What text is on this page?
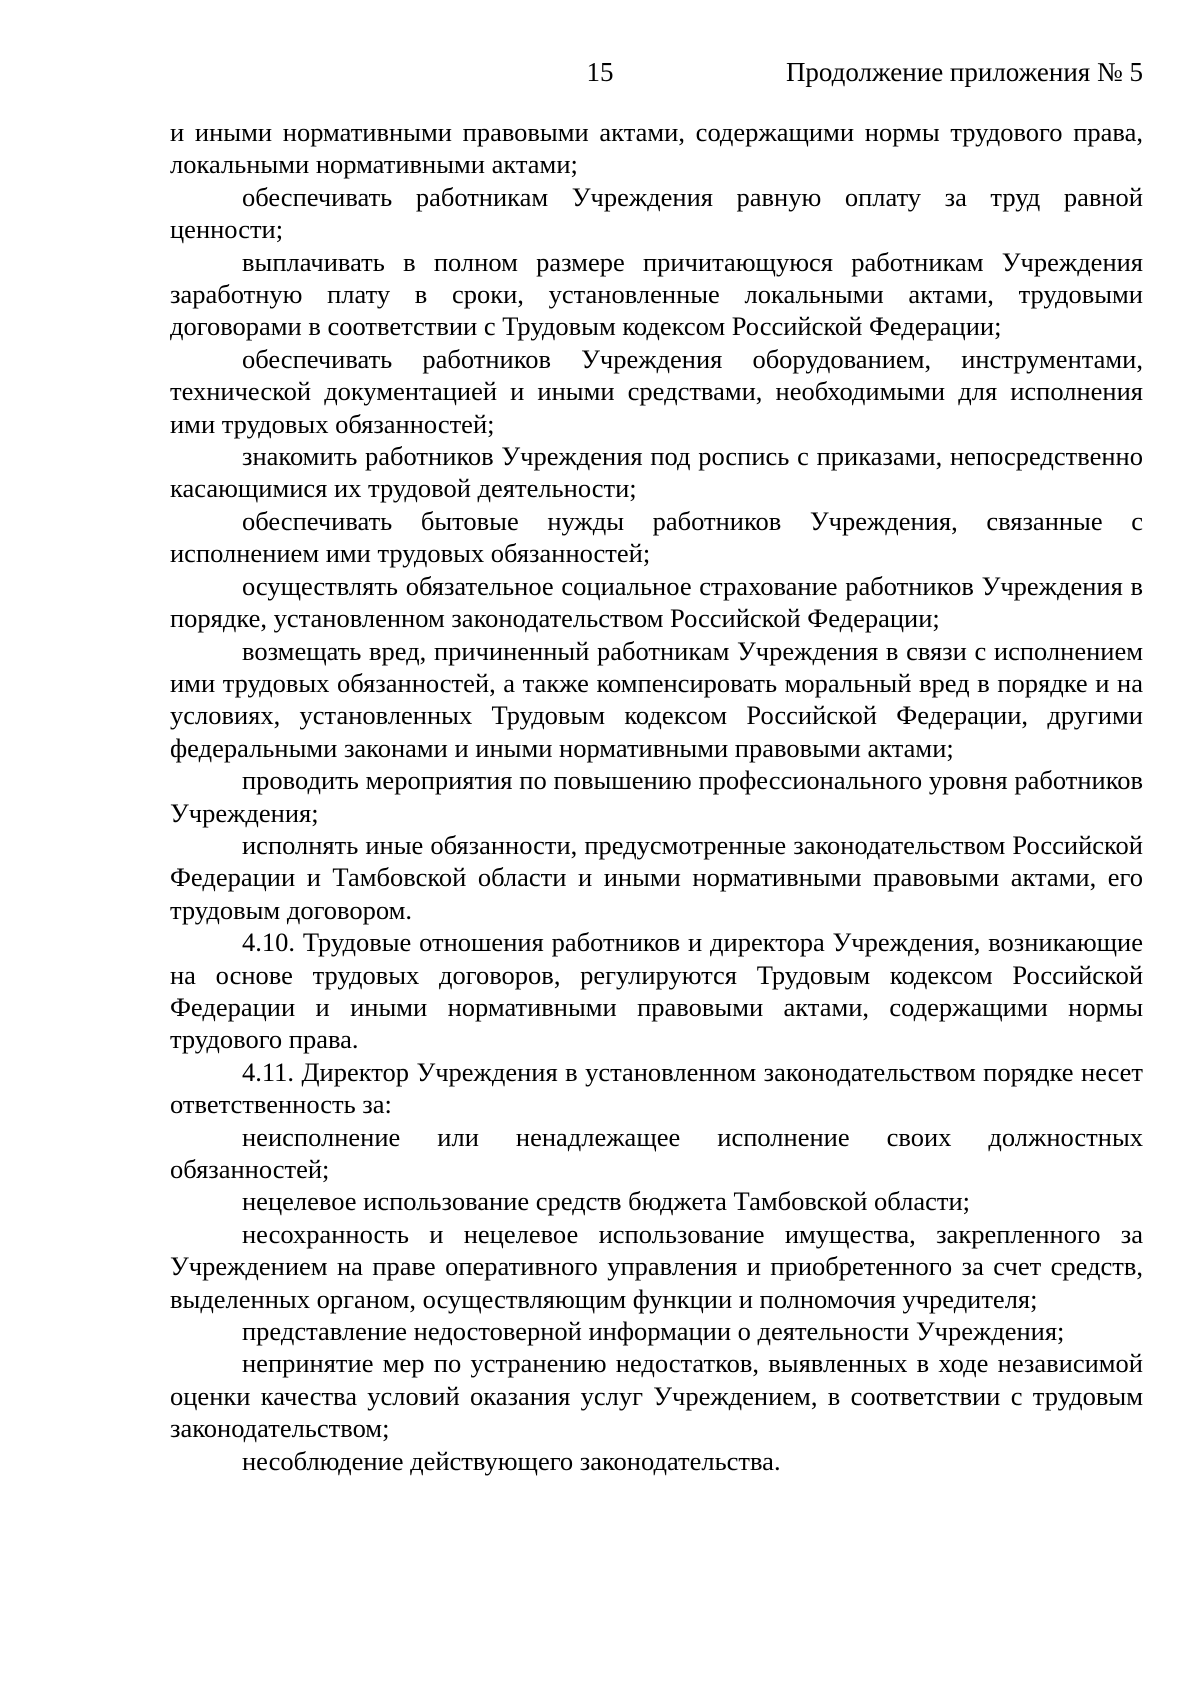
15	Продолжение приложения № 5

и иными нормативными правовыми актами, содержащими нормы трудового права, локальными нормативными актами;

обеспечивать работникам Учреждения равную оплату за труд равной ценности;

выплачивать в полном размере причитающуюся работникам Учреждения заработную плату в сроки, установленные локальными актами, трудовыми договорами в соответствии с Трудовым кодексом Российской Федерации;

обеспечивать работников Учреждения оборудованием, инструментами, технической документацией и иными средствами, необходимыми для исполнения ими трудовых обязанностей;

знакомить работников Учреждения под роспись с приказами, непосредственно касающимися их трудовой деятельности;

обеспечивать бытовые нужды работников Учреждения, связанные с исполнением ими трудовых обязанностей;

осуществлять обязательное социальное страхование работников Учреждения в порядке, установленном законодательством Российской Федерации;

возмещать вред, причиненный работникам Учреждения в связи с исполнением ими трудовых обязанностей, а также компенсировать моральный вред в порядке и на условиях, установленных Трудовым кодексом Российской Федерации, другими федеральными законами и иными нормативными правовыми актами;

проводить мероприятия по повышению профессионального уровня работников Учреждения;

исполнять иные обязанности, предусмотренные законодательством Российской Федерации и Тамбовской области и иными нормативными правовыми актами, его трудовым договором.

4.10. Трудовые отношения работников и директора Учреждения, возникающие на основе трудовых договоров, регулируются Трудовым кодексом Российской Федерации и иными нормативными правовыми актами, содержащими нормы трудового права.

4.11. Директор Учреждения в установленном законодательством порядке несет ответственность за:

неисполнение или ненадлежащее исполнение своих должностных обязанностей;

нецелевое использование средств бюджета Тамбовской области;

несохранность и нецелевое использование имущества, закрепленного за Учреждением на праве оперативного управления и приобретенного за счет средств, выделенных органом, осуществляющим функции и полномочия учредителя;

представление недостоверной информации о деятельности Учреждения;

непринятие мер по устранению недостатков, выявленных в ходе независимой оценки качества условий оказания услуг Учреждением, в соответствии с трудовым законодательством;

несоблюдение действующего законодательства.
